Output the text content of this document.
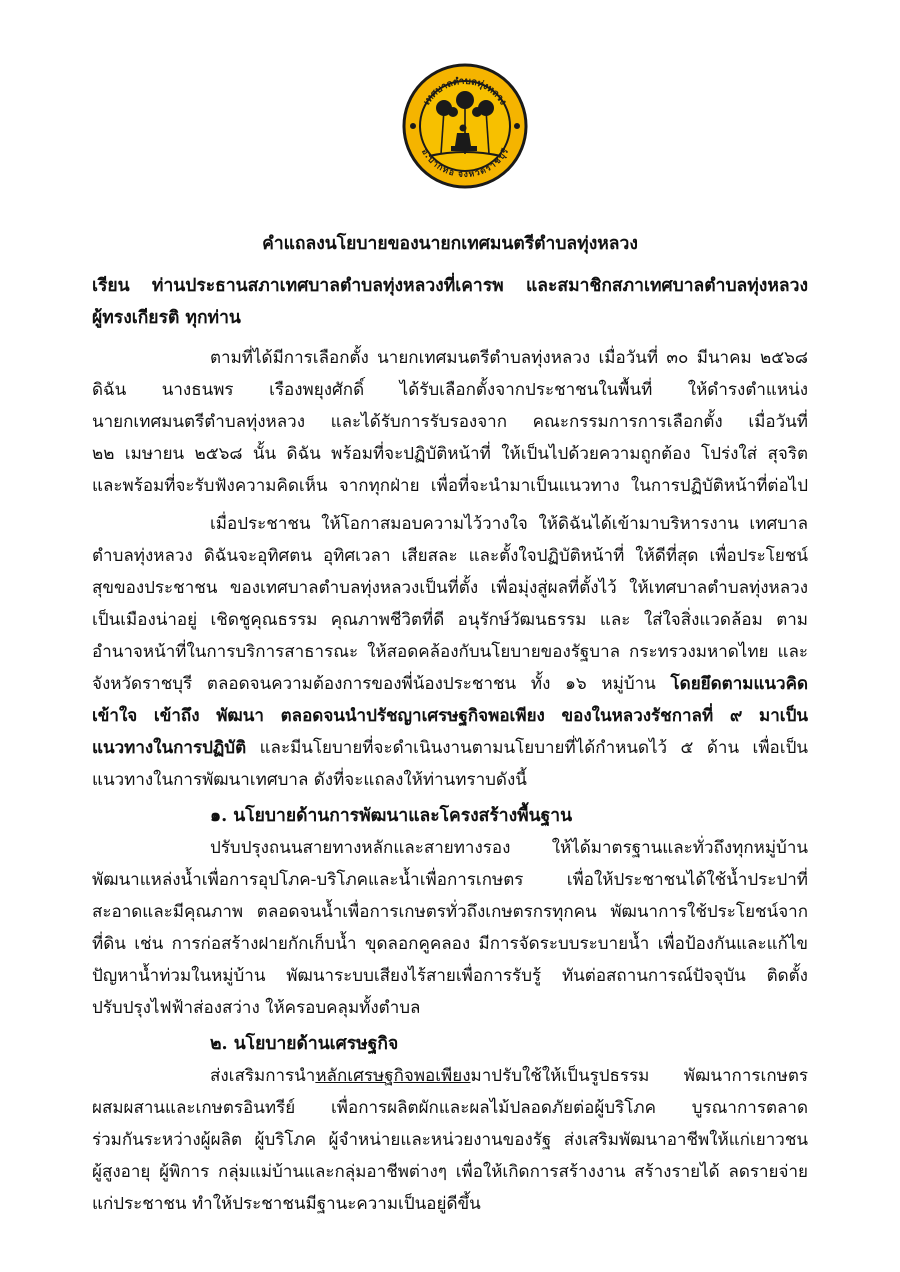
เทศบาลตำบลทุ่งหลวง
อ.ปากท่อ จังหวัดราชบุรี
คำแถลงนโยบายของนายกเทศมนตรีตำบลทุ่งหลวง
เรียน ท่านประธานสภาเทศบาลตำบลทุ่งหลวงที่เคารพ และสมาชิกสภาเทศบาลตำบลทุ่งหลวง
ผู้ทรงเกียรติ ทุกท่าน
ตามที่ได้มีการเลือกตั้ง นายกเทศมนตรีตำบลทุ่งหลวง เมื่อวันที่ ๓๐ มีนาคม ๒๕๖๘
ดิฉัน นางธนพร เรืองพยุงศักดิ์ ได้รับเลือกตั้งจากประชาชนในพื้นที่ ให้ดำรงตำแหน่ง
นายกเทศมนตรีตำบลทุ่งหลวง และได้รับการรับรองจาก คณะกรรมการการเลือกตั้ง เมื่อวันที่
๒๒ เมษายน ๒๕๖๘ นั้น ดิฉัน พร้อมที่จะปฏิบัติหน้าที่ ให้เป็นไปด้วยความถูกต้อง โปร่งใส่ สุจริต
และพร้อมที่จะรับฟังความคิดเห็น จากทุกฝ่าย เพื่อที่จะนำมาเป็นแนวทาง ในการปฏิบัติหน้าที่ต่อไป
เมื่อประชาชน ให้โอกาสมอบความไว้วางใจ ให้ดิฉันได้เข้ามาบริหารงาน เทศบาล
ตำบลทุ่งหลวง ดิฉันจะอุทิศตน อุทิศเวลา เสียสละ และตั้งใจปฏิบัติหน้าที่ ให้ดีที่สุด เพื่อประโยชน์
สุขของประชาชน ของเทศบาลตำบลทุ่งหลวงเป็นที่ตั้ง เพื่อมุ่งสู่ผลที่ตั้งไว้ ให้เทศบาลตำบลทุ่งหลวง
เป็นเมืองน่าอยู่ เชิดชูคุณธรรม คุณภาพชีวิตที่ดี อนุรักษ์วัฒนธรรม และ ใส่ใจสิ่งแวดล้อม ตาม
อำนาจหน้าที่ในการบริการสาธารณะ ให้สอดคล้องกับนโยบายของรัฐบาล กระทรวงมหาดไทย และ
จังหวัดราชบุรี ตลอดจนความต้องการของพี่น้องประชาชน ทั้ง ๑๖ หมู่บ้าน โดยยึดตามแนวคิด
เข้าใจ เข้าถึง พัฒนา ตลอดจนนำปรัชญาเศรษฐกิจพอเพียง ของในหลวงรัชกาลที่ ๙ มาเป็น
แนวทางในการปฏิบัติ และมีนโยบายที่จะดำเนินงานตามนโยบายที่ได้กำหนดไว้ ๕ ด้าน เพื่อเป็น
แนวทางในการพัฒนาเทศบาล ดังที่จะแถลงให้ท่านทราบดังนี้
๑. นโยบายด้านการพัฒนาและโครงสร้างพื้นฐาน
ปรับปรุงถนนสายทางหลักและสายทางรอง ให้ได้มาตรฐานและทั่วถึงทุกหมู่บ้าน
พัฒนาแหล่งน้ำเพื่อการอุปโภค-บริโภคและน้ำเพื่อการเกษตร เพื่อให้ประชาชนได้ใช้น้ำประปาที่
สะอาดและมีคุณภาพ ตลอดจนน้ำเพื่อการเกษตรทั่วถึงเกษตรกรทุกคน พัฒนาการใช้ประโยชน์จาก
ที่ดิน เช่น การก่อสร้างฝายกักเก็บน้ำ ขุดลอกคูคลอง มีการจัดระบบระบายน้ำ เพื่อป้องกันและแก้ไข
ปัญหาน้ำท่วมในหมู่บ้าน พัฒนาระบบเสียงไร้สายเพื่อการรับรู้ ทันต่อสถานการณ์ปัจจุบัน ติดตั้ง
ปรับปรุงไฟฟ้าส่องสว่าง ให้ครอบคลุมทั้งตำบล
๒. นโยบายด้านเศรษฐกิจ
ส่งเสริมการนำหลักเศรษฐกิจพอเพียงมาปรับใช้ให้เป็นรูปธรรม พัฒนาการเกษตร
ผสมผสานและเกษตรอินทรีย์ เพื่อการผลิตผักและผลไม้ปลอดภัยต่อผู้บริโภค บูรณาการตลาด
ร่วมกันระหว่างผู้ผลิต ผู้บริโภค ผู้จำหน่ายและหน่วยงานของรัฐ ส่งเสริมพัฒนาอาชีพให้แก่เยาวชน
ผู้สูงอายุ ผู้พิการ กลุ่มแม่บ้านและกลุ่มอาชีพต่างๆ เพื่อให้เกิดการสร้างงาน สร้างรายได้ ลดรายจ่าย
แก่ประชาชน ทำให้ประชาชนมีฐานะความเป็นอยู่ดีขึ้น
